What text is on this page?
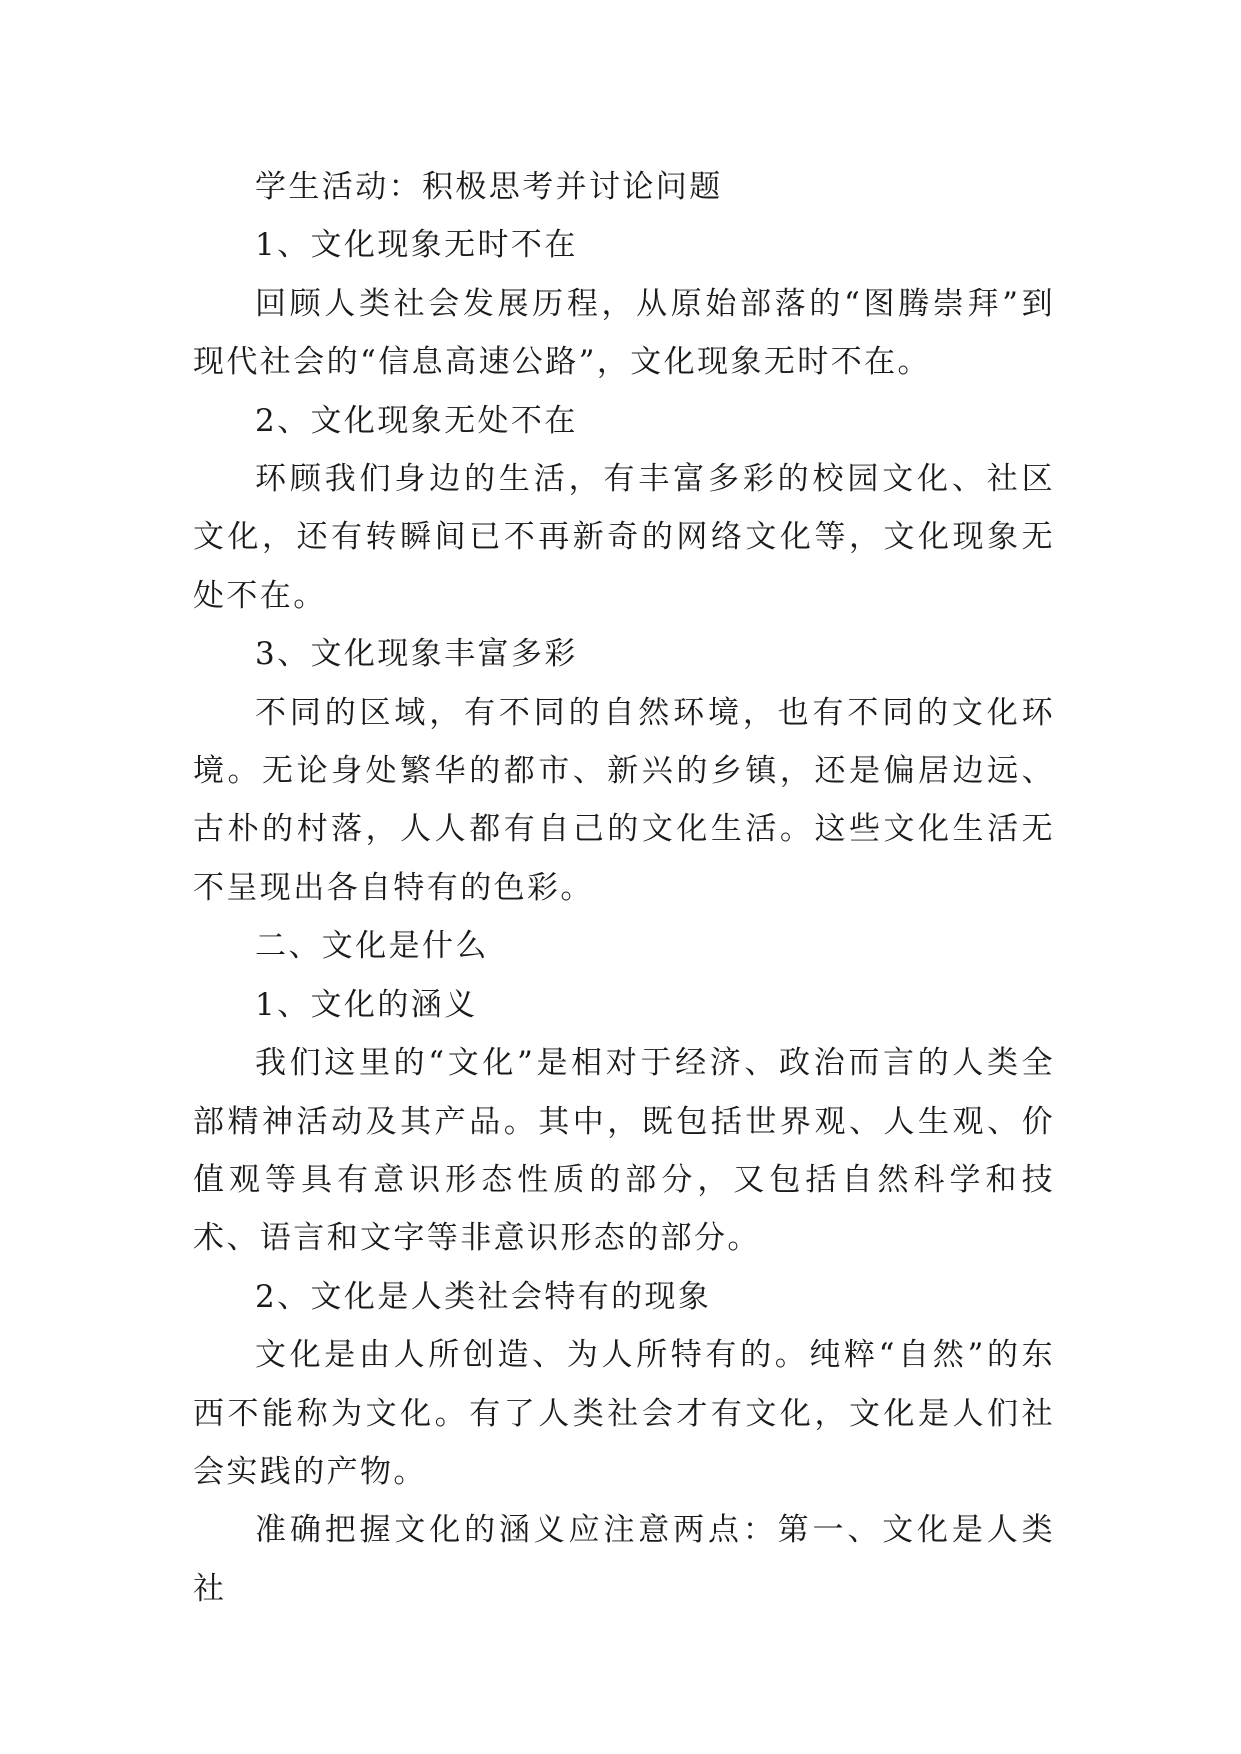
学生活动：积极思考并讨论问题

1、文化现象无时不在

回顾人类社会发展历程，从原始部落的“图腾崇拜”到现代社会的“信息高速公路”，文化现象无时不在。

2、文化现象无处不在

环顾我们身边的生活，有丰富多彩的校园文化、社区文化，还有转瞬间已不再新奇的网络文化等，文化现象无处不在。

3、文化现象丰富多彩

不同的区域，有不同的自然环境，也有不同的文化环境。无论身处繁华的都市、新兴的乡镇，还是偏居边远、古朴的村落，人人都有自己的文化生活。这些文化生活无不呈现出各自特有的色彩。

二、文化是什么

1、文化的涵义

我们这里的“文化”是相对于经济、政治而言的人类全部精神活动及其产品。其中，既包括世界观、人生观、价值观等具有意识形态性质的部分，又包括自然科学和技术、语言和文字等非意识形态的部分。

2、文化是人类社会特有的现象

文化是由人所创造、为人所特有的。纯粹“自然”的东西不能称为文化。有了人类社会才有文化，文化是人们社会实践的产物。

准确把握文化的涵义应注意两点：第一、文化是人类社
